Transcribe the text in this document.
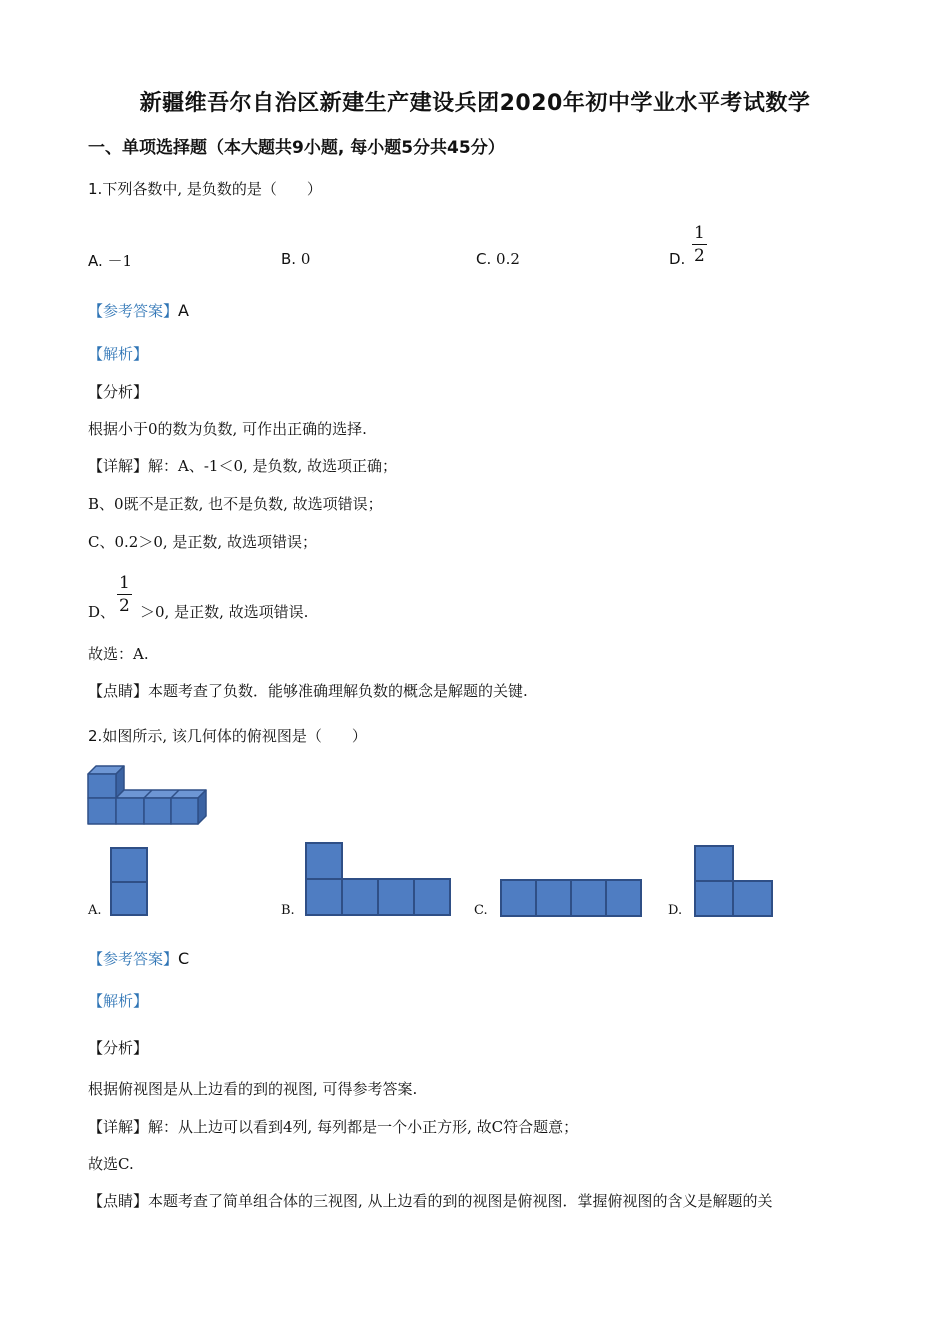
新疆维吾尔自治区新建生产建设兵团2020年初中学业水平考试数学
一、单项选择题（本大题共9小题, 每小题5分共45分）
1.下列各数中, 是负数的是（　　）
A. －1	B. 0	C. 0.2	D. $\frac{1}{2}$
【参考答案】A
【解析】
【分析】
根据小于0的数为负数, 可作出正确的选择.
【详解】解：A、-1＜0, 是负数, 故选项正确；
B、0既不是正数, 也不是负数, 故选项错误；
C、0.2＞0, 是正数, 故选项错误；
D、 $\frac{1}{2} >0$, 是正数, 故选项错误.
故选：A.
【点睛】本题考查了负数．能够准确理解负数的概念是解题的关键.
2.如图所示, 该几何体的俯视图是（　　）
A.	B.	C.	D.
【参考答案】C
【解析】
【分析】
根据俯视图是从上边看的到的视图, 可得参考答案.
【详解】解：从上边可以看到4列, 每列都是一个小正方形, 故C符合题意；
故选C.
【点睛】本题考查了简单组合体的三视图, 从上边看的到的视图是俯视图．掌握俯视图的含义是解题的关
